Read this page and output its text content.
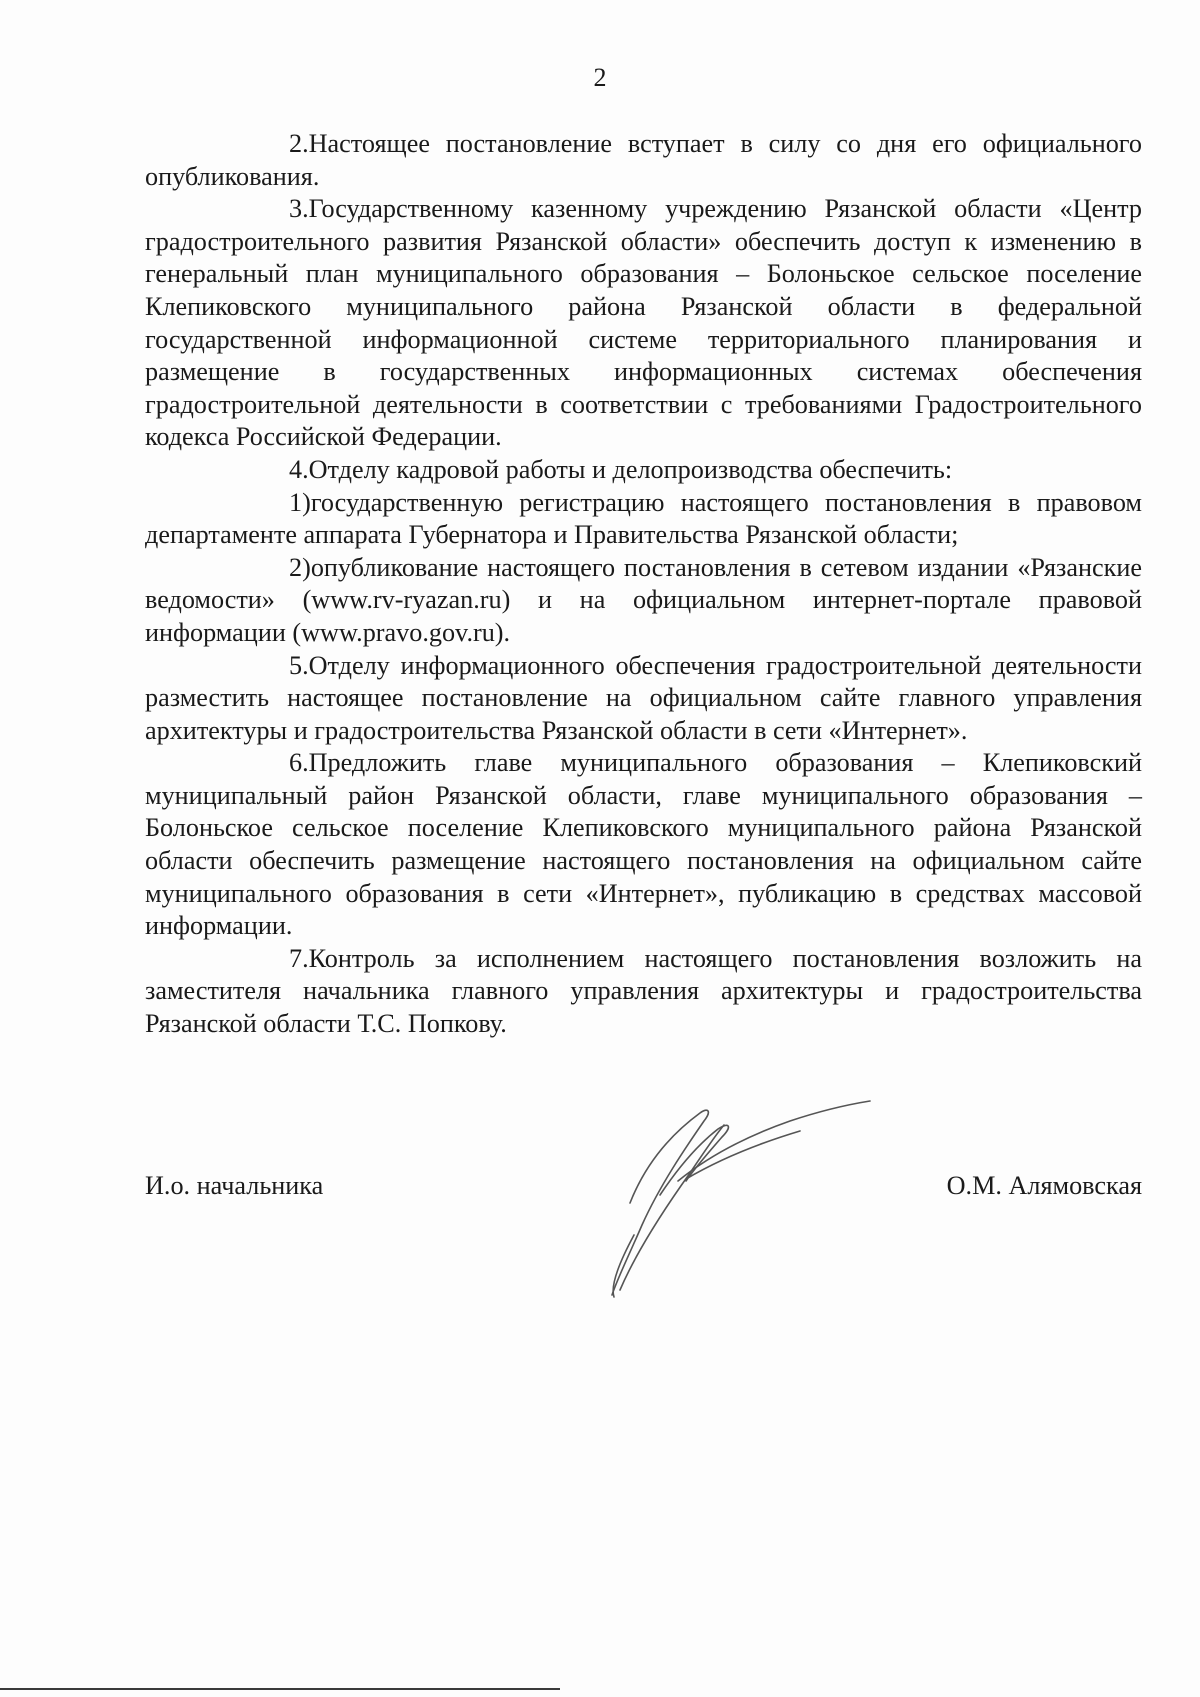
2

2.Настоящее постановление вступает в силу со дня его официального опубликования.

3.Государственному казенному учреждению Рязанской области «Центр градостроительного развития Рязанской области» обеспечить доступ к изменению в генеральный план муниципального образования – Болоньское сельское поселение Клепиковского муниципального района Рязанской области в федеральной государственной информационной системе территориального планирования и размещение в государственных информационных системах обеспечения градостроительной деятельности в соответствии с требованиями Градостроительного кодекса Российской Федерации.

4.Отделу кадровой работы и делопроизводства обеспечить:

1)государственную регистрацию настоящего постановления в правовом департаменте аппарата Губернатора и Правительства Рязанской области;

2)опубликование настоящего постановления в сетевом издании «Рязанские ведомости» (www.rv-ryazan.ru) и на официальном интернет-портале правовой информации (www.pravo.gov.ru).

5.Отделу информационного обеспечения градостроительной деятельности разместить настоящее постановление на официальном сайте главного управления архитектуры и градостроительства Рязанской области в сети «Интернет».

6.Предложить главе муниципального образования – Клепиковский муниципальный район Рязанской области, главе муниципального образования – Болоньское сельское поселение Клепиковского муниципального района Рязанской области обеспечить размещение настоящего постановления на официальном сайте муниципального образования в сети «Интернет», публикацию в средствах массовой информации.

7.Контроль за исполнением настоящего постановления возложить на заместителя начальника главного управления архитектуры и градостроительства Рязанской области Т.С. Попкову.

И.о. начальника	О.М. Алямовская
